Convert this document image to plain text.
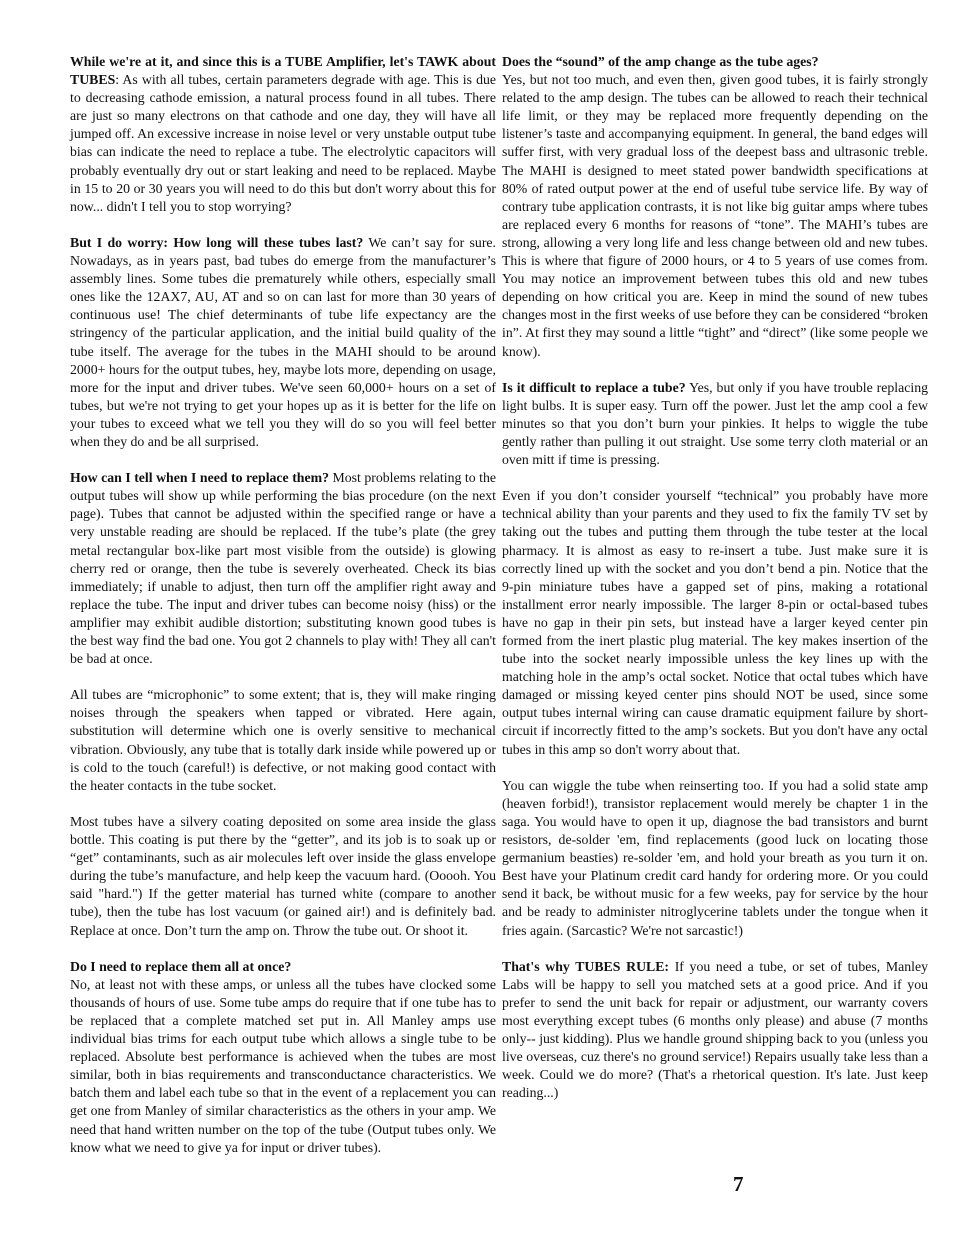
While we're at it, and since this is a TUBE Amplifier, let's TAWK about TUBES: As with all tubes, certain parameters degrade with age. This is due to decreasing cathode emission, a natural process found in all tubes. There are just so many electrons on that cathode and one day, they will have all jumped off. An excessive increase in noise level or very unstable output tube bias can indicate the need to replace a tube. The electrolytic capacitors will probably eventually dry out or start leaking and need to be replaced. Maybe in 15 to 20 or 30 years you will need to do this but don't worry about this for now... didn't I tell you to stop worrying?

But I do worry: How long will these tubes last? We can’t say for sure. Nowadays, as in years past, bad tubes do emerge from the manufacturer’s assembly lines. Some tubes die prematurely while others, especially small ones like the 12AX7, AU, AT and so on can last for more than 30 years of continuous use! The chief determinants of tube life expectancy are the stringency of the particular application, and the initial build quality of the tube itself. The average for the tubes in the MAHI should to be around 2000+ hours for the output tubes, hey, maybe lots more, depending on usage, more for the input and driver tubes. We've seen 60,000+ hours on a set of tubes, but we're not trying to get your hopes up as it is better for the life on your tubes to exceed what we tell you they will do so you will feel better when they do and be all surprised.

How can I tell when I need to replace them? Most problems relating to the output tubes will show up while performing the bias procedure (on the next page). Tubes that cannot be adjusted within the specified range or have a very unstable reading are should be replaced. If the tube’s plate (the grey metal rectangular box-like part most visible from the outside) is glowing cherry red or orange, then the tube is severely overheated. Check its bias immediately; if unable to adjust, then turn off the amplifier right away and replace the tube. The input and driver tubes can become noisy (hiss) or the amplifier may exhibit audible distortion; substituting known good tubes is the best way find the bad one. You got 2 channels to play with! They all can't be bad at once.

All tubes are “microphonic” to some extent; that is, they will make ringing noises through the speakers when tapped or vibrated. Here again, substitution will determine which one is overly sensitive to mechanical vibration. Obviously, any tube that is totally dark inside while powered up or is cold to the touch (careful!) is defective, or not making good contact with the heater contacts in the tube socket.

Most tubes have a silvery coating deposited on some area inside the glass bottle. This coating is put there by the “getter”, and its job is to soak up or “get” contaminants, such as air molecules left over inside the glass envelope during the tube’s manufacture, and help keep the vacuum hard. (Ooooh. You said "hard.") If the getter material has turned white (compare to another tube), then the tube has lost vacuum (or gained air!) and is definitely bad. Replace at once. Don’t turn the amp on. Throw the tube out. Or shoot it.

Do I need to replace them all at once?
No, at least not with these amps, or unless all the tubes have clocked some thousands of hours of use. Some tube amps do require that if one tube has to be replaced that a complete matched set put in. All Manley amps use individual bias trims for each output tube which allows a single tube to be replaced. Absolute best performance is achieved when the tubes are most similar, both in bias requirements and transconductance characteristics. We batch them and label each tube so that in the event of a replacement you can get one from Manley of similar characteristics as the others in your amp. We need that hand written number on the top of the tube (Output tubes only. We know what we need to give ya for input or driver tubes).

Does the “sound” of the amp change as the tube ages?
Yes, but not too much, and even then, given good tubes, it is fairly strongly related to the amp design. The tubes can be allowed to reach their technical life limit, or they may be replaced more frequently depending on the listener’s taste and accompanying equipment. In general, the band edges will suffer first, with very gradual loss of the deepest bass and ultrasonic treble. The MAHI is designed to meet stated power bandwidth specifications at 80% of rated output power at the end of useful tube service life. By way of contrary tube application contrasts, it is not like big guitar amps where tubes are replaced every 6 months for reasons of “tone”. The MAHI’s tubes are strong, allowing a very long life and less change between old and new tubes. This is where that figure of 2000 hours, or 4 to 5 years of use comes from. You may notice an improvement between tubes this old and new tubes depending on how critical you are. Keep in mind the sound of new tubes changes most in the first weeks of use before they can be considered “broken in”. At first they may sound a little “tight” and “direct” (like some people we know).

Is it difficult to replace a tube? Yes, but only if you have trouble replacing light bulbs. It is super easy. Turn off the power. Just let the amp cool a few minutes so that you don’t burn your pinkies. It helps to wiggle the tube gently rather than pulling it out straight. Use some terry cloth material or an oven mitt if time is pressing.

Even if you don’t consider yourself “technical” you probably have more technical ability than your parents and they used to fix the family TV set by taking out the tubes and putting them through the tube tester at the local pharmacy. It is almost as easy to re-insert a tube. Just make sure it is correctly lined up with the socket and you don’t bend a pin. Notice that the 9-pin miniature tubes have a gapped set of pins, making a rotational installment error nearly impossible. The larger 8-pin or octal-based tubes have no gap in their pin sets, but instead have a larger keyed center pin formed from the inert plastic plug material. The key makes insertion of the tube into the socket nearly impossible unless the key lines up with the matching hole in the amp’s octal socket. Notice that octal tubes which have damaged or missing keyed center pins should NOT be used, since some output tubes internal wiring can cause dramatic equipment failure by short-circuit if incorrectly fitted to the amp’s sockets. But you don't have any octal tubes in this amp so don't worry about that.

You can wiggle the tube when reinserting too. If you had a solid state amp (heaven forbid!), transistor replacement would merely be chapter 1 in the saga. You would have to open it up, diagnose the bad transistors and burnt resistors, de-solder 'em, find replacements (good luck on locating those germanium beasties) re-solder 'em, and hold your breath as you turn it on. Best have your Platinum credit card handy for ordering more. Or you could send it back, be without music for a few weeks, pay for service by the hour and be ready to administer nitroglycerine tablets under the tongue when it fries again. (Sarcastic? We're not sarcastic!)

That's why TUBES RULE: If you need a tube, or set of tubes, Manley Labs will be happy to sell you matched sets at a good price. And if you prefer to send the unit back for repair or adjustment, our warranty covers most everything except tubes (6 months only please) and abuse (7 months only-- just kidding). Plus we handle ground shipping back to you (unless you live overseas, cuz there's no ground service!) Repairs usually take less than a week. Could we do more? (That's a rhetorical question. It's late. Just keep reading...)

7
